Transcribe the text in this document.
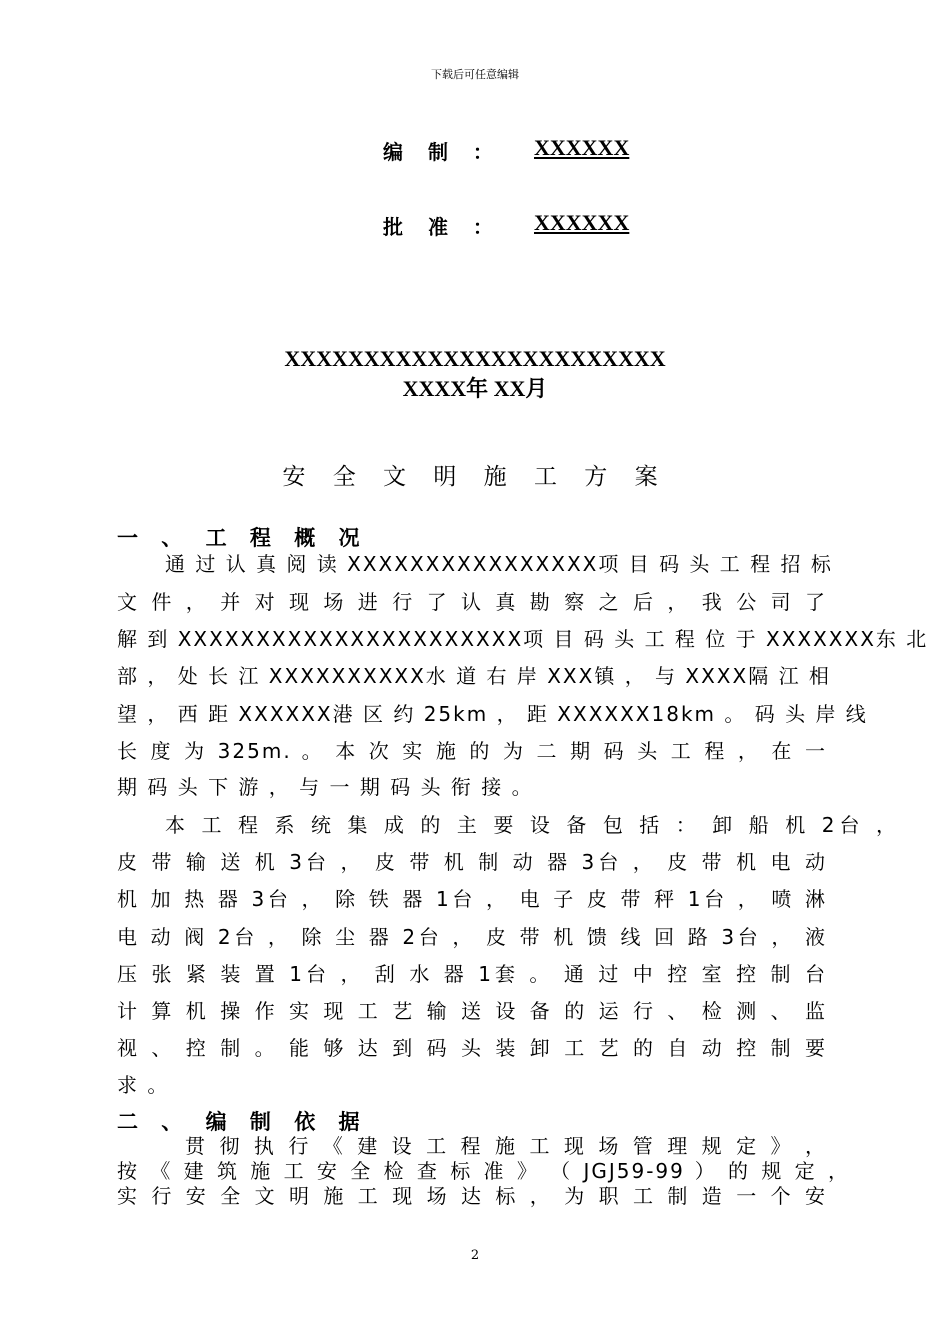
下载后可任意编辑
编 制 ：	XXXXXX
批 准 ：	XXXXXX
XXXXXXXXXXXXXXXXXXXXXXXX
XXXX年 XX月
安 全 文 明 施 工 方 案
一 、 工 程 概 况
通 过 认 真 阅 读 XXXXXXXXXXXXXXXX项 目 码 头 工 程 招 标
文 件 ， 并 对 现 场 进 行 了 认 真 勘 察 之 后 ， 我 公 司 了
解 到 XXXXXXXXXXXXXXXXXXXXXX项 目 码 头 工 程 位 于 XXXXXXX东 北
部 ， 处 长 江 XXXXXXXXXX水 道 右 岸 XXX镇 ， 与 XXXX隔 江 相
望 ， 西 距 XXXXXX港 区 约 25km ， 距 XXXXXX18km 。 码 头 岸 线
长 度 为 325m. 。 本 次 实 施 的 为 二 期 码 头 工 程 ， 在 一
期 码 头 下 游 ， 与 一 期 码 头 衔 接 。
本 工 程 系 统 集 成 的 主 要 设 备 包 括 ： 卸 船 机 2台 ，
皮 带 输 送 机 3台 ， 皮 带 机 制 动 器 3台 ， 皮 带 机 电 动
机 加 热 器 3台 ， 除 铁 器 1台 ， 电 子 皮 带 秤 1台 ， 喷 淋
电 动 阀 2台 ， 除 尘 器 2台 ， 皮 带 机 馈 线 回 路 3台 ， 液
压 张 紧 装 置 1台 ， 刮 水 器 1套 。 通 过 中 控 室 控 制 台
计 算 机 操 作 实 现 工 艺 输 送 设 备 的 运 行 、 检 测 、 监
视 、 控 制 。 能 够 达 到 码 头 装 卸 工 艺 的 自 动 控 制 要
求 。
二 、 编 制 依 据
贯 彻 执 行 《 建 设 工 程 施 工 现 场 管 理 规 定 》 ，
按 《 建 筑 施 工 安 全 检 查 标 准 》 （ JGJ59-99 ） 的 规 定 ，
实 行 安 全 文 明 施 工 现 场 达 标 ， 为 职 工 制 造 一 个 安
2
